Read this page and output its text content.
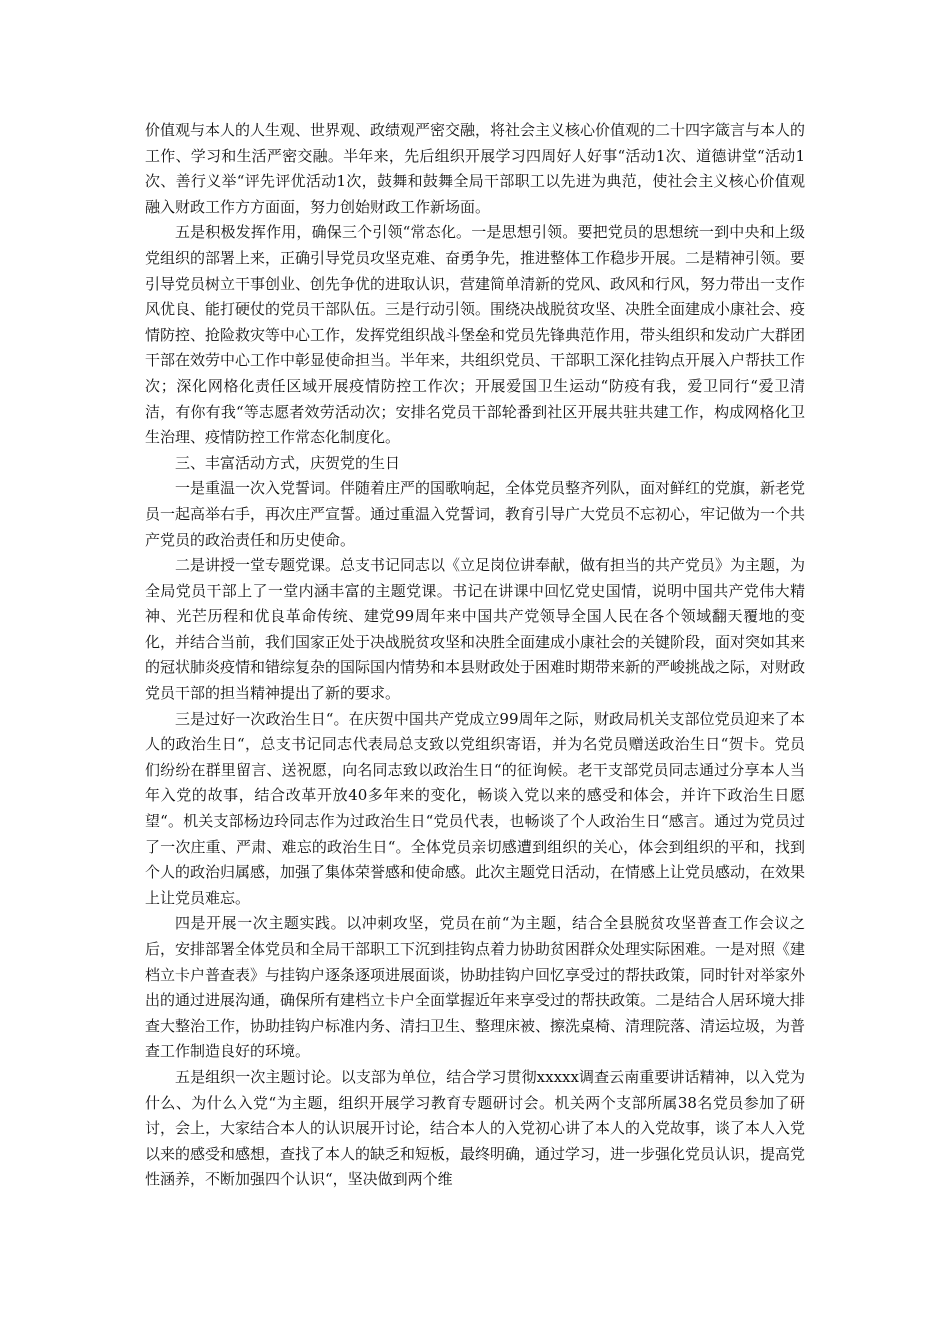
价值观与本人的人生观、世界观、政绩观严密交融，将社会主义核心价值观的二十四字箴言与本人的工作、学习和生活严密交融。半年来，先后组织开展学习四周好人好事“活动1次、道德讲堂“活动1次、善行义举“评先评优活动1次，鼓舞和鼓舞全局干部职工以先进为典范，使社会主义核心价值观融入财政工作方方面面，努力创始财政工作新场面。

五是积极发挥作用，确保三个引领“常态化。一是思想引领。要把党员的思想统一到中央和上级党组织的部署上来，正确引导党员攻坚克难、奋勇争先，推进整体工作稳步开展。二是精神引领。要引导党员树立干事创业、创先争优的进取认识，营建简单清新的党风、政风和行风，努力带出一支作风优良、能打硬仗的党员干部队伍。三是行动引领。围绕决战脱贫攻坚、决胜全面建成小康社会、疫情防控、抢险救灾等中心工作，发挥党组织战斗堡垒和党员先锋典范作用，带头组织和发动广大群团干部在效劳中心工作中彰显使命担当。半年来，共组织党员、干部职工深化挂钩点开展入户帮扶工作次；深化网格化责任区域开展疫情防控工作次；开展爱国卫生运动“防疫有我，爱卫同行“爱卫清洁，有你有我“等志愿者效劳活动次；安排名党员干部轮番到社区开展共驻共建工作，构成网格化卫生治理、疫情防控工作常态化制度化。

三、丰富活动方式，庆贺党的生日

一是重温一次入党誓词。伴随着庄严的国歌响起，全体党员整齐列队，面对鲜红的党旗，新老党员一起高举右手，再次庄严宣誓。通过重温入党誓词，教育引导广大党员不忘初心，牢记做为一个共产党员的政治责任和历史使命。

二是讲授一堂专题党课。总支书记同志以《立足岗位讲奉献，做有担当的共产党员》为主题，为全局党员干部上了一堂内涵丰富的主题党课。书记在讲课中回忆党史国情，说明中国共产党伟大精神、光芒历程和优良革命传统、建党99周年来中国共产党领导全国人民在各个领域翻天覆地的变化，并结合当前，我们国家正处于决战脱贫攻坚和决胜全面建成小康社会的关键阶段，面对突如其来的冠状肺炎疫情和错综复杂的国际国内情势和本县财政处于困难时期带来新的严峻挑战之际，对财政党员干部的担当精神提出了新的要求。

三是过好一次政治生日“。在庆贺中国共产党成立99周年之际，财政局机关支部位党员迎来了本人的政治生日“，总支书记同志代表局总支致以党组织寄语，并为名党员赠送政治生日“贺卡。党员们纷纷在群里留言、送祝愿，向名同志致以政治生日“的征询候。老干支部党员同志通过分享本人当年入党的故事，结合改革开放40多年来的变化，畅谈入党以来的感受和体会，并许下政治生日愿望“。机关支部杨边玲同志作为过政治生日“党员代表，也畅谈了个人政治生日“感言。通过为党员过了一次庄重、严肃、难忘的政治生日“。全体党员亲切感遭到组织的关心，体会到组织的平和，找到个人的政治归属感，加强了集体荣誉感和使命感。此次主题党日活动，在情感上让党员感动，在效果上让党员难忘。

四是开展一次主题实践。以冲刺攻坚，党员在前“为主题，结合全县脱贫攻坚普查工作会议之后，安排部署全体党员和全局干部职工下沉到挂钩点着力协助贫困群众处理实际困难。一是对照《建档立卡户普查表》与挂钩户逐条逐项进展面谈，协助挂钩户回忆享受过的帮扶政策，同时针对举家外出的通过进展沟通，确保所有建档立卡户全面掌握近年来享受过的帮扶政策。二是结合人居环境大排查大整治工作，协助挂钩户标准内务、清扫卫生、整理床被、擦洗桌椅、清理院落、清运垃圾，为普查工作制造良好的环境。

五是组织一次主题讨论。以支部为单位，结合学习贯彻xxxxx调查云南重要讲话精神，以入党为什么、为什么入党“为主题，组织开展学习教育专题研讨会。机关两个支部所属38名党员参加了研讨，会上，大家结合本人的认识展开讨论，结合本人的入党初心讲了本人的入党故事，谈了本人入党以来的感受和感想，查找了本人的缺乏和短板，最终明确，通过学习，进一步强化党员认识，提高党性涵养，不断加强四个认识“，坚决做到两个维
